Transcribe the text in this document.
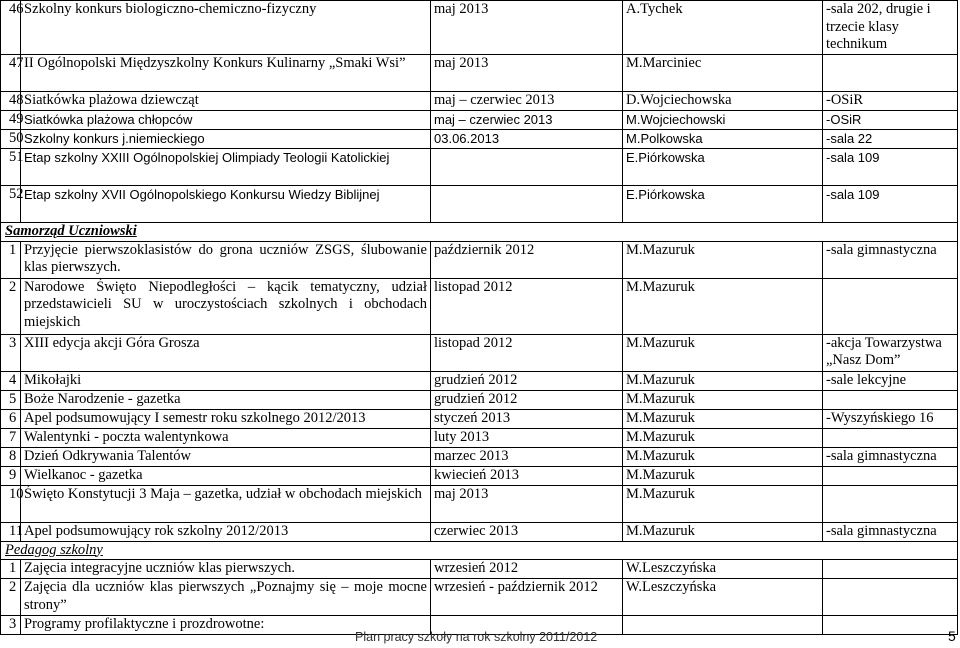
46	Szkolny konkurs biologiczno-chemiczno-fizyczny	maj 2013	A.Tychek	-sala 202, drugie i trzecie klasy technikum
47	II Ogólnopolski Międzyszkolny Konkurs Kulinarny „Smaki Wsi”	maj 2013	M.Marciniec	
48	Siatkówka plażowa dziewcząt	maj – czerwiec 2013	D.Wojciechowska	-OSiR
49	Siatkówka plażowa chłopców	maj – czerwiec 2013	M.Wojciechowski	-OSiR
50	Szkolny konkurs j.niemieckiego	03.06.2013	M.Polkowska	-sala 22
51	Etap szkolny XXIII Ogólnopolskiej Olimpiady Teologii Katolickiej		E.Piórkowska	-sala 109
52	Etap szkolny XVII Ogólnopolskiego Konkursu Wiedzy Biblijnej		E.Piórkowska	-sala 109
Samorząd Uczniowski				
1	Przyjęcie pierwszoklasistów do grona uczniów ZSGS, ślubowanie klas pierwszych.	październik 2012	M.Mazuruk	-sala gimnastyczna
2	Narodowe Święto Niepodległości – kącik tematyczny, udział przedstawicieli SU w uroczystościach szkolnych i obchodach miejskich	listopad 2012	M.Mazuruk	
3	XIII edycja akcji Góra Grosza	listopad 2012	M.Mazuruk	-akcja Towarzystwa „Nasz Dom”
4	Mikołajki	grudzień 2012	M.Mazuruk	-sale lekcyjne
5	Boże Narodzenie - gazetka	grudzień 2012	M.Mazuruk	
6	Apel podsumowujący I semestr roku szkolnego 2012/2013	styczeń 2013	M.Mazuruk	-Wyszyńskiego 16
7	Walentynki - poczta walentynkowa	luty 2013	M.Mazuruk	
8	Dzień Odkrywania Talentów	marzec 2013	M.Mazuruk	-sala gimnastyczna
9	Wielkanoc - gazetka	kwiecień 2013	M.Mazuruk	
10	Święto Konstytucji 3 Maja – gazetka, udział w obchodach miejskich	maj 2013	M.Mazuruk	
11	Apel podsumowujący rok szkolny 2012/2013	czerwiec 2013	M.Mazuruk	-sala gimnastyczna
Pedagog szkolny				
1	Zajęcia integracyjne uczniów klas pierwszych.	wrzesień 2012	W.Leszczyńska	
2	Zajęcia dla uczniów klas pierwszych „Poznajmy się – moje mocne strony”	wrzesień - październik 2012	W.Leszczyńska	
3	Programy profilaktyczne i prozdrowotne:			
Plan pracy szkoły na rok szkolny 2011/2012	5
